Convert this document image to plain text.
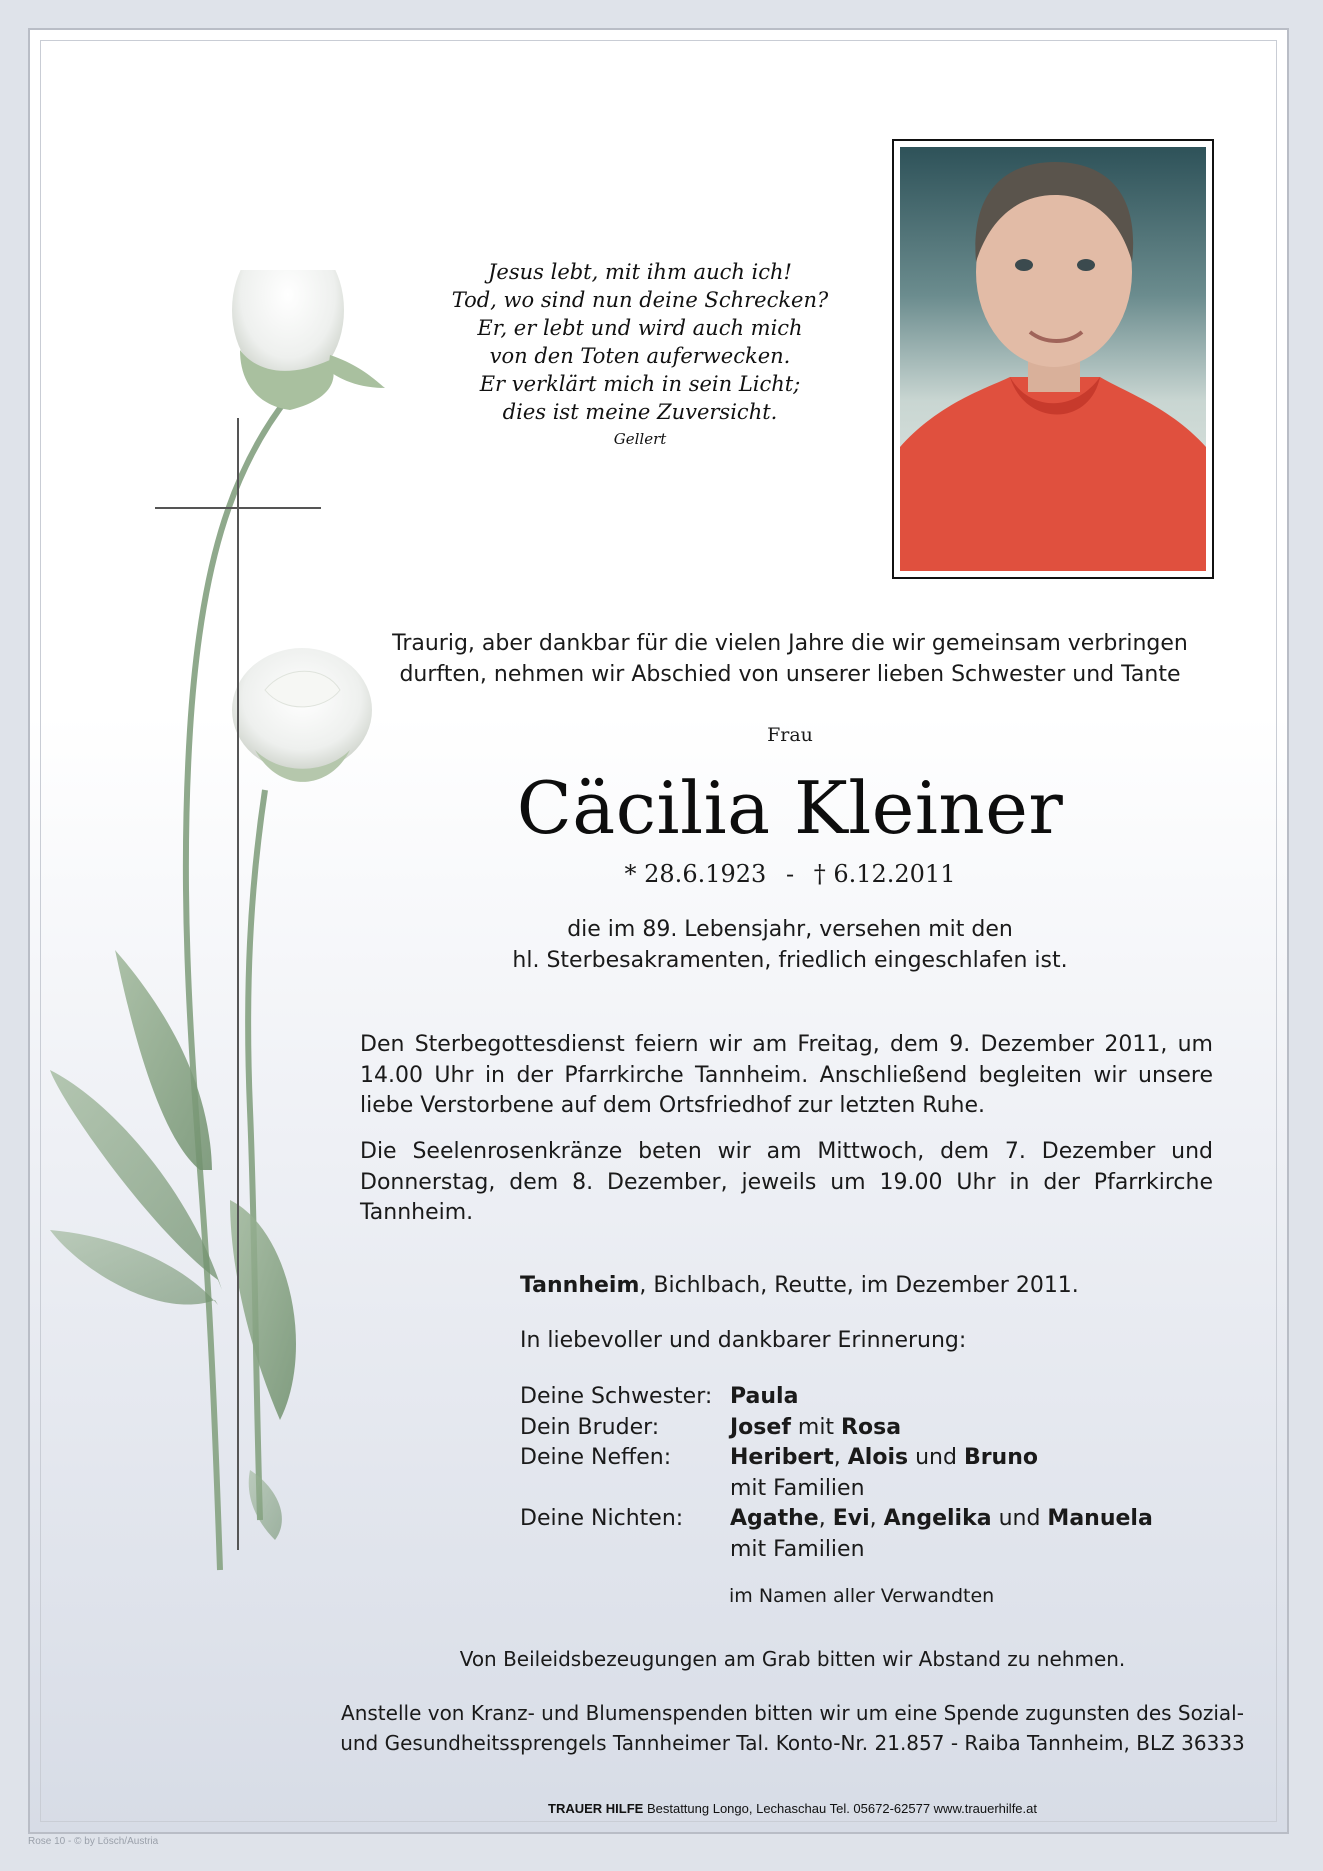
Jesus lebt, mit ihm auch ich!
Tod, wo sind nun deine Schrecken?
Er, er lebt und wird auch mich
von den Toten auferwecken.
Er verklärt mich in sein Licht;
dies ist meine Zuversicht.
Gellert
Traurig, aber dankbar für die vielen Jahre die wir gemeinsam verbringen
durften, nehmen wir Abschied von unserer lieben Schwester und Tante
Frau
Cäcilia Kleiner
* 28.6.1923 - † 6.12.2011
die im 89. Lebensjahr, versehen mit den
hl. Sterbesakramenten, friedlich eingeschlafen ist.
Den Sterbegottesdienst feiern wir am Freitag, dem 9. Dezember 2011, um 14.00 Uhr in der Pfarrkirche Tannheim. Anschließend begleiten wir unsere liebe Verstorbene auf dem Ortsfriedhof zur letzten Ruhe.
Die Seelenrosenkränze beten wir am Mittwoch, dem 7. Dezember und Donnerstag, dem 8. Dezember, jeweils um 19.00 Uhr in der Pfarrkirche Tannheim.
Tannheim, Bichlbach, Reutte, im Dezember 2011.
In liebevoller und dankbarer Erinnerung:
Deine Schwester: Paula
Dein Bruder:	Josef mit Rosa
Deine Neffen:	Heribert, Alois und Bruno
mit Familien
Deine Nichten:	Agathe, Evi, Angelika und Manuela
mit Familien
im Namen aller Verwandten
Von Beileidsbezeugungen am Grab bitten wir Abstand zu nehmen.
Anstelle von Kranz- und Blumenspenden bitten wir um eine Spende zugunsten des Sozial-
und Gesundheitssprengels Tannheimer Tal. Konto-Nr. 21.857 - Raiba Tannheim, BLZ 36333
TRAUER HILFE Bestattung Longo, Lechaschau Tel. 05672-62577 www.trauerhilfe.at
Rose 10 - © by Lösch/Austria
